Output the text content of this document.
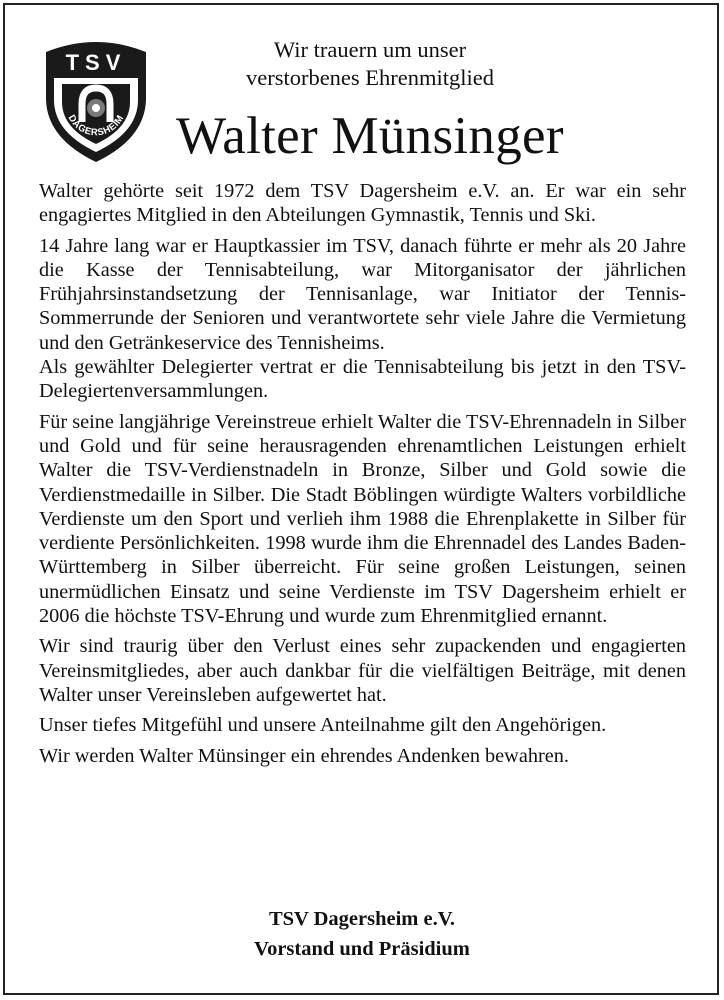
TSV
DAGERSHEIM
Wir trauern um unser
verstorbenes Ehrenmitglied
Walter Münsinger

Walter gehörte seit 1972 dem TSV Dagersheim e.V. an. Er war ein sehr engagiertes Mitglied in den Abteilungen Gymnastik, Tennis und Ski.

14 Jahre lang war er Hauptkassier im TSV, danach führte er mehr als 20 Jahre die Kasse der Tennisabteilung, war Mitorganisator der jährlichen Frühjahrsinstandsetzung der Tennisanlage, war Initiator der Tennis-Sommerrunde der Senioren und verantwortete sehr viele Jahre die Vermietung und den Getränkeservice des Tennisheims.

Als gewählter Delegierter vertrat er die Tennisabteilung bis jetzt in den TSV-Delegiertenversammlungen.

Für seine langjährige Vereinstreue erhielt Walter die TSV-Ehrennadeln in Silber und Gold und für seine herausragenden ehrenamtlichen Leistungen erhielt Walter die TSV-Verdienstnadeln in Bronze, Silber und Gold sowie die Verdienstmedaille in Silber. Die Stadt Böblingen würdigte Walters vorbildliche Verdienste um den Sport und verlieh ihm 1988 die Ehrenplakette in Silber für verdiente Persönlichkeiten. 1998 wurde ihm die Ehrennadel des Landes Baden-Württemberg in Silber überreicht. Für seine großen Leistungen, seinen unermüdlichen Einsatz und seine Verdienste im TSV Dagersheim erhielt er 2006 die höchste TSV-Ehrung und wurde zum Ehrenmitglied ernannt.

Wir sind traurig über den Verlust eines sehr zupackenden und engagierten Vereinsmitgliedes, aber auch dankbar für die vielfältigen Beiträge, mit denen Walter unser Vereinsleben aufgewertet hat.

Unser tiefes Mitgefühl und unsere Anteilnahme gilt den Angehörigen.

Wir werden Walter Münsinger ein ehrendes Andenken bewahren.

TSV Dagersheim e.V.
Vorstand und Präsidium
